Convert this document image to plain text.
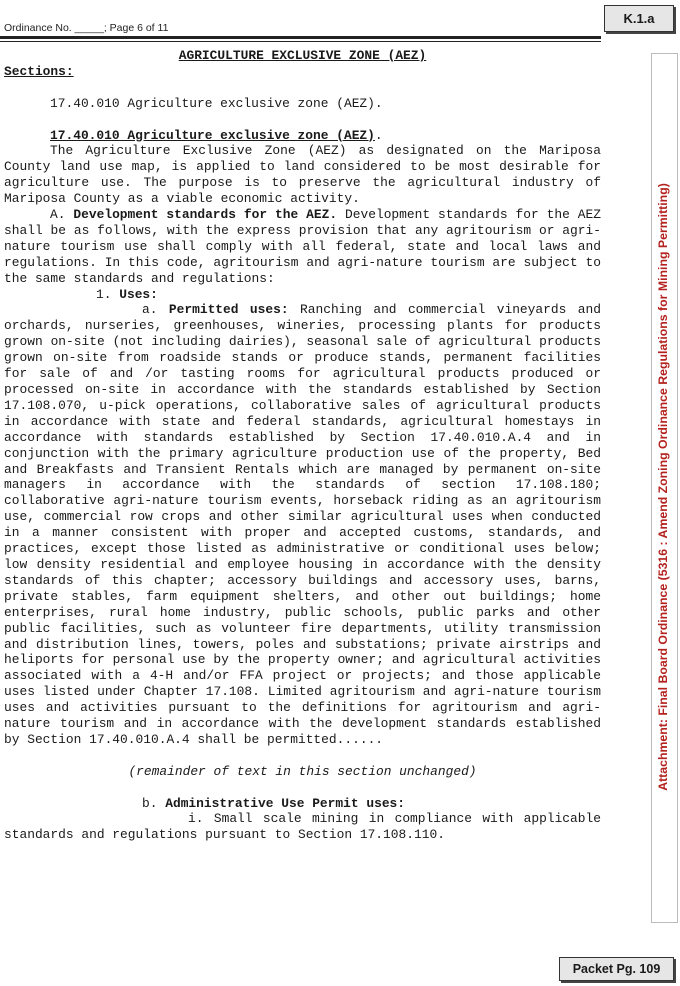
Ordinance No. _____; Page 6 of 11
K.1.a
Attachment: Final Board Ordinance (5316 : Amend Zoning Ordinance Regulations for Mining Permitting)

AGRICULTURE EXCLUSIVE ZONE (AEZ)

Sections:

17.40.010 Agriculture exclusive zone (AEZ).

17.40.010 Agriculture exclusive zone (AEZ).

The Agriculture Exclusive Zone (AEZ) as designated on the Mariposa County land use map, is applied to land considered to be most desirable for agriculture use. The purpose is to preserve the agricultural industry of Mariposa County as a viable economic activity.

A. Development standards for the AEZ. Development standards for the AEZ shall be as follows, with the express provision that any agritourism or agri-nature tourism use shall comply with all federal, state and local laws and regulations. In this code, agritourism and agri-nature tourism are subject to the same standards and regulations:

1. Uses:

a. Permitted uses: Ranching and commercial vineyards and orchards, nurseries, greenhouses, wineries, processing plants for products grown on-site (not including dairies), seasonal sale of agricultural products grown on-site from roadside stands or produce stands, permanent facilities for sale of and /or tasting rooms for agricultural products produced or processed on-site in accordance with the standards established by Section 17.108.070, u-pick operations, collaborative sales of agricultural products in accordance with state and federal standards, agricultural homestays in accordance with standards established by Section 17.40.010.A.4 and in conjunction with the primary agriculture production use of the property, Bed and Breakfasts and Transient Rentals which are managed by permanent on-site managers in accordance with the standards of section 17.108.180; collaborative agri-nature tourism events, horseback riding as an agritourism use, commercial row crops and other similar agricultural uses when conducted in a manner consistent with proper and accepted customs, standards, and practices, except those listed as administrative or conditional uses below; low density residential and employee housing in accordance with the density standards of this chapter; accessory buildings and accessory uses, barns, private stables, farm equipment shelters, and other out buildings; home enterprises, rural home industry, public schools, public parks and other public facilities, such as volunteer fire departments, utility transmission and distribution lines, towers, poles and substations; private airstrips and heliports for personal use by the property owner; and agricultural activities associated with a 4-H and/or FFA project or projects; and those applicable uses listed under Chapter 17.108. Limited agritourism and agri-nature tourism uses and activities pursuant to the definitions for agritourism and agri-nature tourism and in accordance with the development standards established by Section 17.40.010.A.4 shall be permitted......

(remainder of text in this section unchanged)

b. Administrative Use Permit uses:

i. Small scale mining in compliance with applicable standards and regulations pursuant to Section 17.108.110.

Packet Pg. 109
